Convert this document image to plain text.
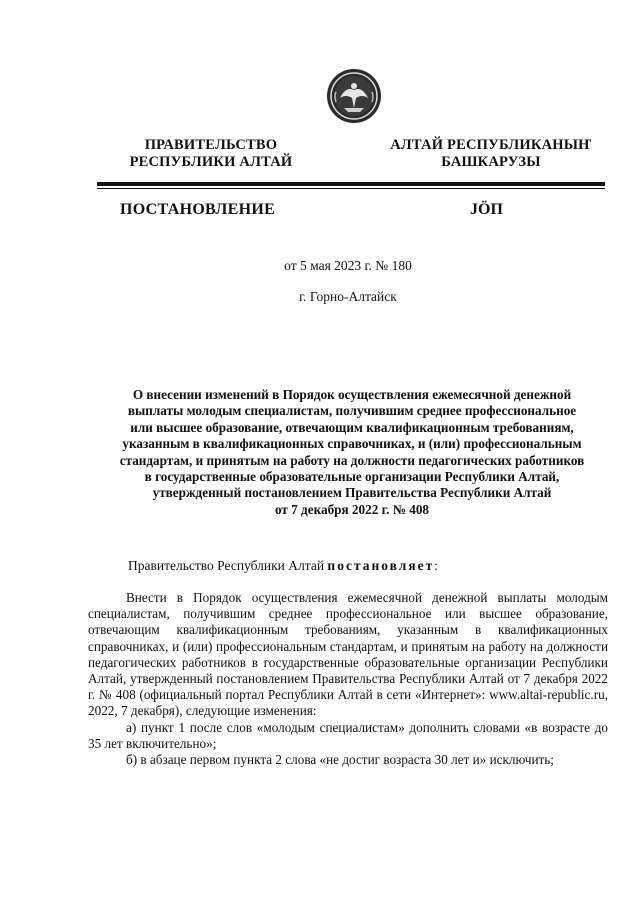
ПРАВИТЕЛЬСТВО
РЕСПУБЛИКИ АЛТАЙ
АЛТАЙ РЕСПУБЛИКАНЫҤ
БАШКАРУЗЫ
ПОСТАНОВЛЕНИЕ	JÖП
от 5 мая 2023 г. № 180
г. Горно-Алтайск
О внесении изменений в Порядок осуществления ежемесячной денежной
выплаты молодым специалистам, получившим среднее профессиональное
или высшее образование, отвечающим квалификационным требованиям,
указанным в квалификационных справочниках, и (или) профессиональным
стандартам, и принятым на работу на должности педагогических работников
в государственные образовательные организации Республики Алтай,
утвержденный постановлением Правительства Республики Алтай
от 7 декабря 2022 г. № 408
Правительство Республики Алтай постановляет:

Внести в Порядок осуществления ежемесячной денежной выплаты молодым специалистам, получившим среднее профессиональное или высшее образование, отвечающим квалификационным требованиям, указанным в квалификационных справочниках, и (или) профессиональным стандартам, и принятым на работу на должности педагогических работников в государственные образовательные организации Республики Алтай, утвержденный постановлением Правительства Республики Алтай от 7 декабря 2022 г. № 408 (официальный портал Республики Алтай в сети «Интернет»: www.altai-republic.ru, 2022, 7 декабря), следующие изменения:

а) пункт 1 после слов «молодым специалистам» дополнить словами «в возрасте до 35 лет включительно»;

б) в абзаце первом пункта 2 слова «не достиг возраста 30 лет и» исключить;
